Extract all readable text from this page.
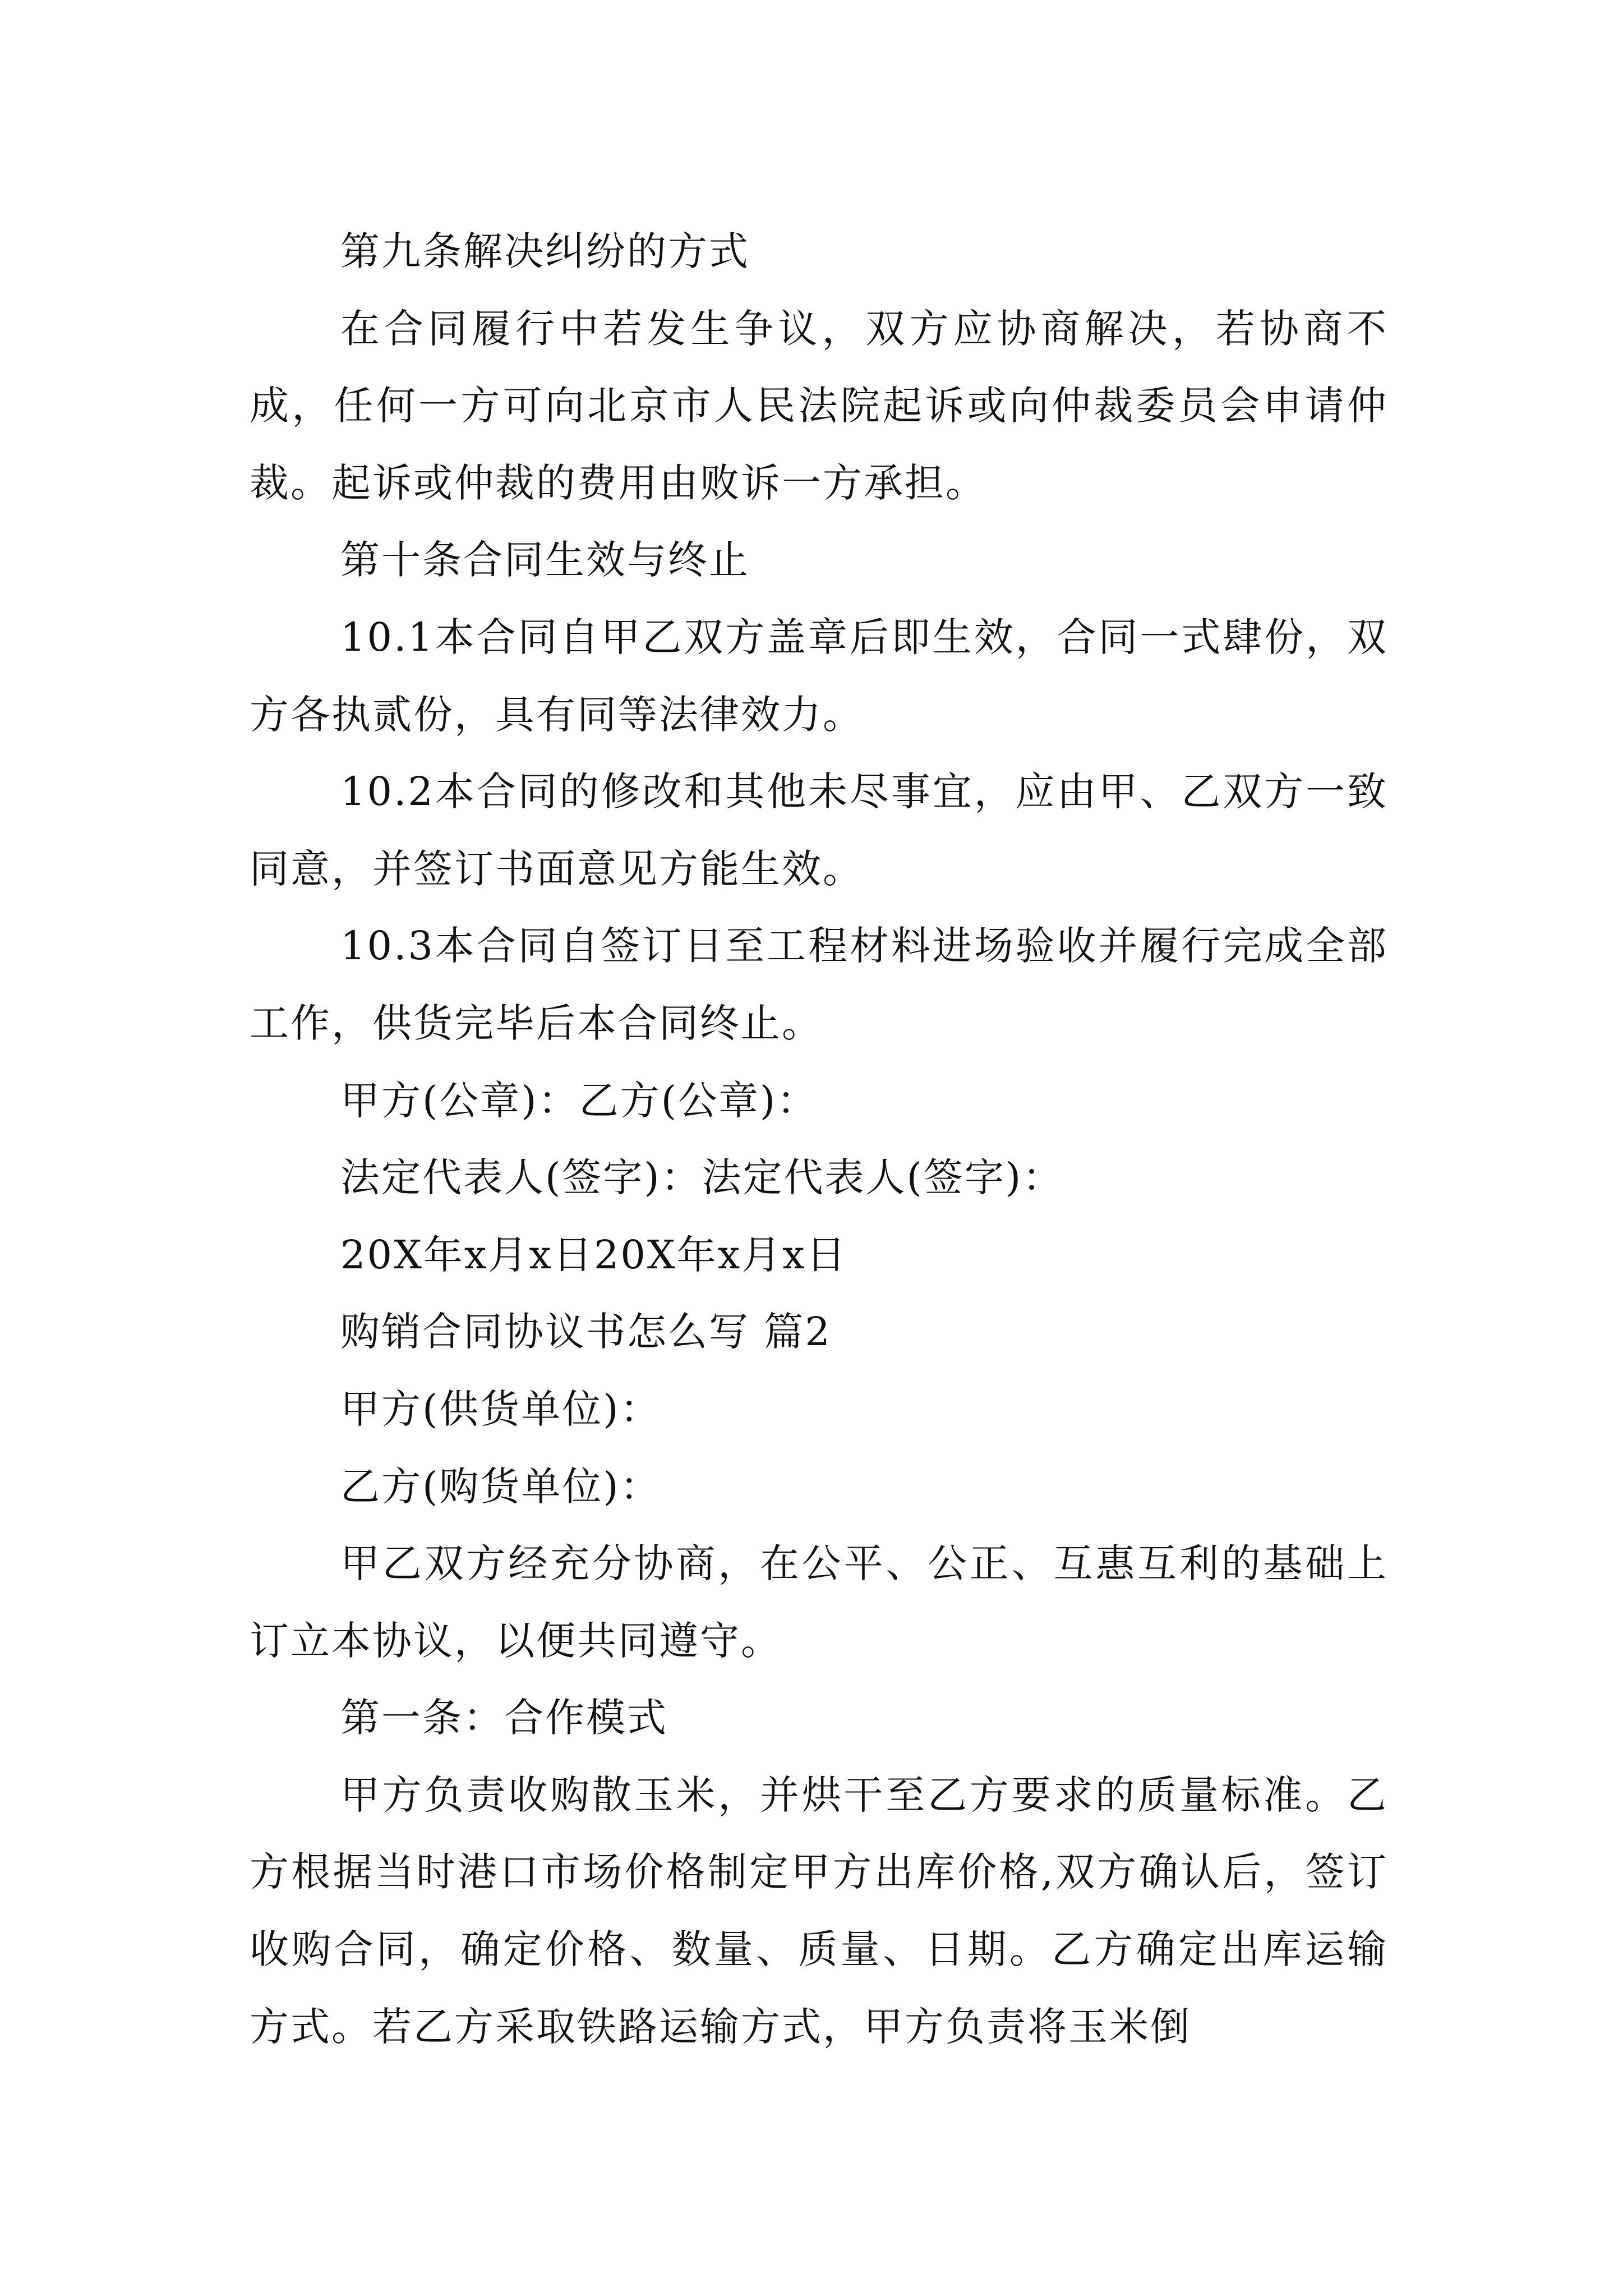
第九条解决纠纷的方式

在合同履行中若发生争议，双方应协商解决，若协商不成，任何一方可向北京市人民法院起诉或向仲裁委员会申请仲裁。起诉或仲裁的费用由败诉一方承担。

第十条合同生效与终止

10.1本合同自甲乙双方盖章后即生效，合同一式肆份，双方各执贰份，具有同等法律效力。

10.2本合同的修改和其他未尽事宜，应由甲、乙双方一致同意，并签订书面意见方能生效。

10.3本合同自签订日至工程材料进场验收并履行完成全部工作，供货完毕后本合同终止。

甲方(公章)：乙方(公章)：

法定代表人(签字)：法定代表人(签字)：

20X年x月x日20X年x月x日

购销合同协议书怎么写 篇2

甲方(供货单位)：

乙方(购货单位)：

甲乙双方经充分协商，在公平、公正、互惠互利的基础上订立本协议，以便共同遵守。

第一条：合作模式

甲方负责收购散玉米，并烘干至乙方要求的质量标准。乙方根据当时港口市场价格制定甲方出库价格,双方确认后，签订收购合同，确定价格、数量、质量、日期。乙方确定出库运输方式。若乙方采取铁路运输方式，甲方负责将玉米倒
